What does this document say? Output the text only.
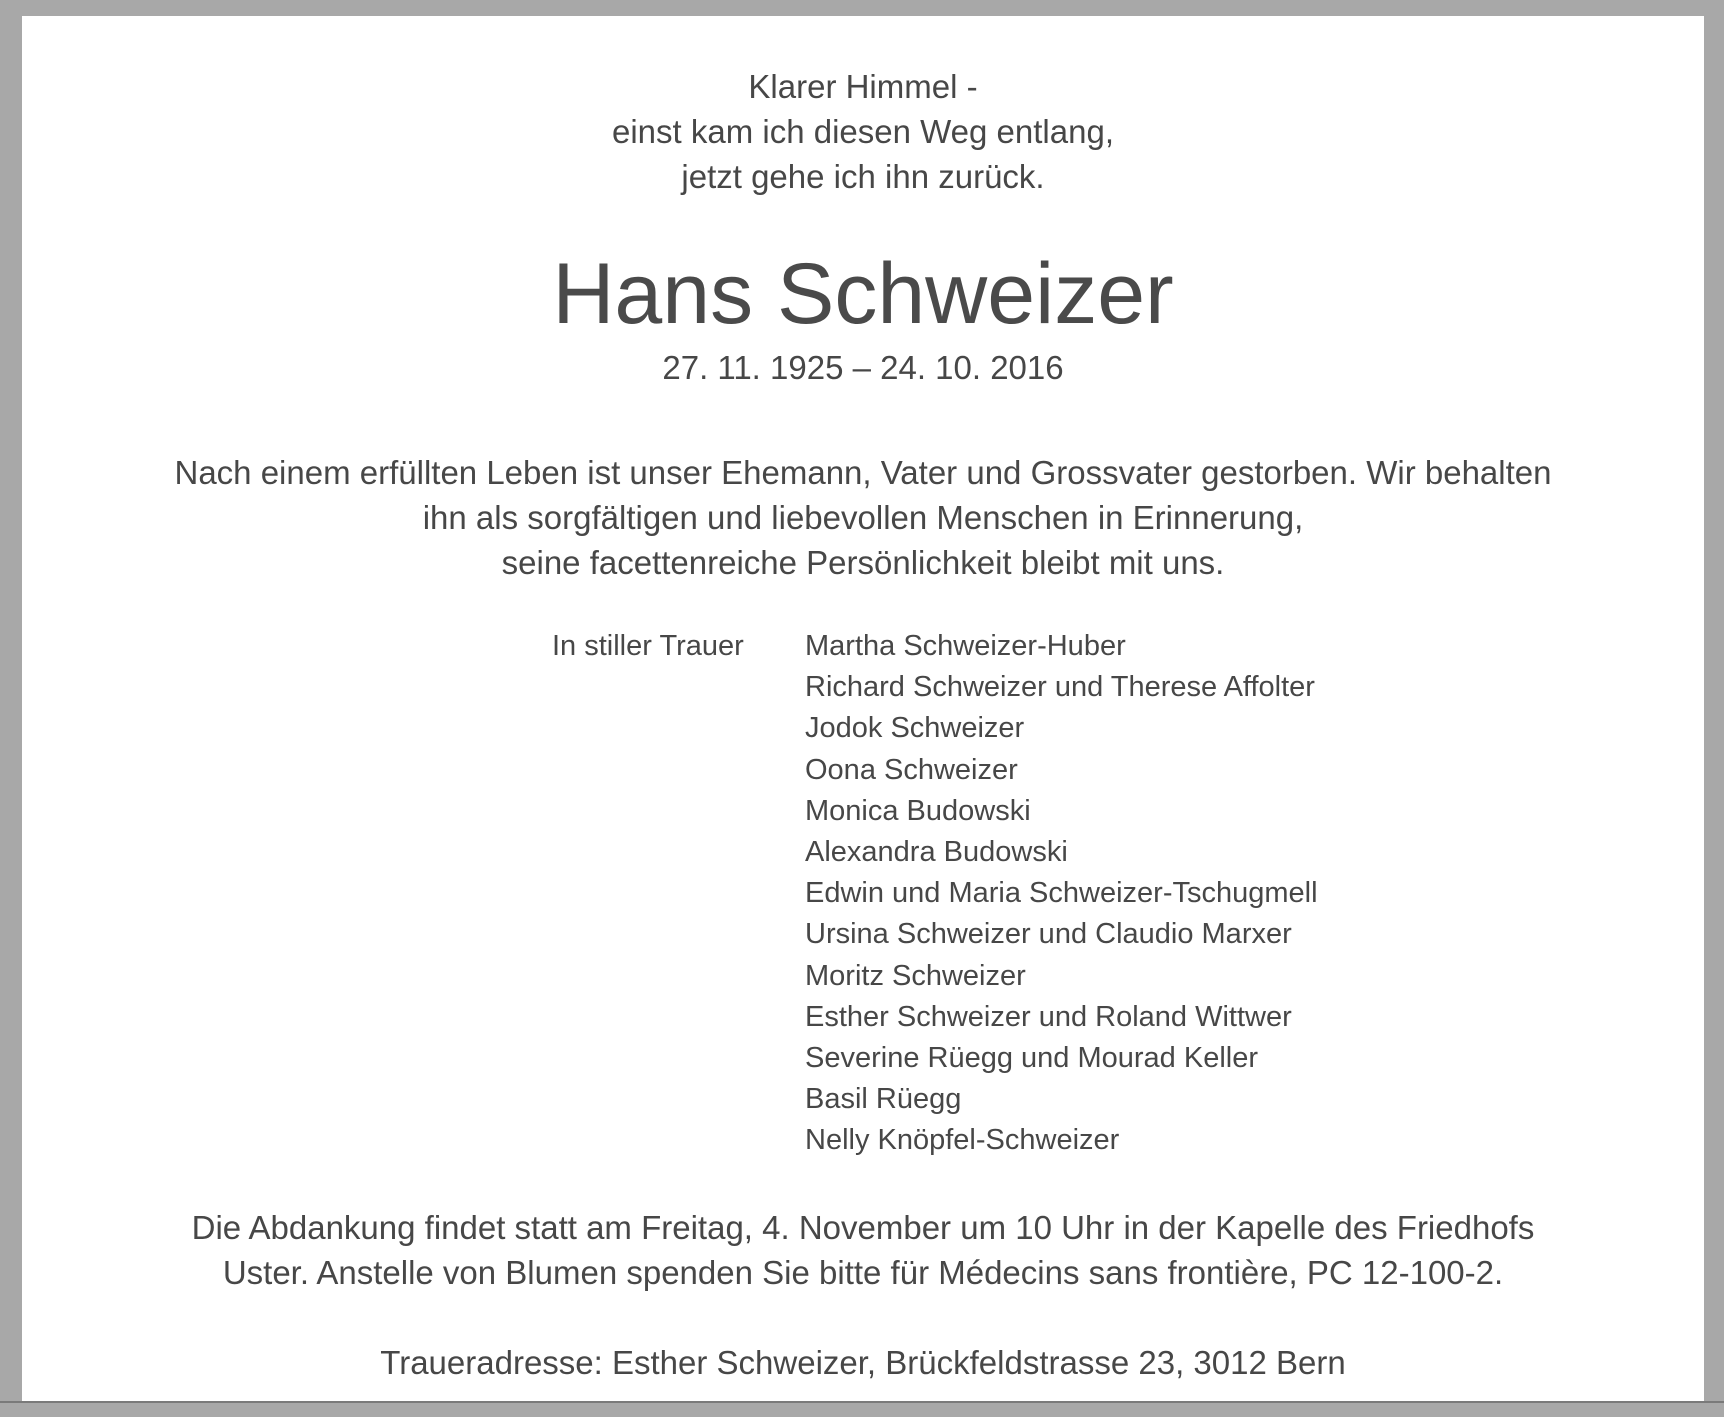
Klarer Himmel -
einst kam ich diesen Weg entlang,
jetzt gehe ich ihn zurück.
Hans Schweizer
27. 11. 1925 – 24. 10. 2016
Nach einem erfüllten Leben ist unser Ehemann, Vater und Grossvater gestorben. Wir behalten
ihn als sorgfältigen und liebevollen Menschen in Erinnerung,
seine facettenreiche Persönlichkeit bleibt mit uns.
In stiller Trauer	Martha Schweizer-Huber
Richard Schweizer und Therese Affolter
Jodok Schweizer
Oona Schweizer
Monica Budowski
Alexandra Budowski
Edwin und Maria Schweizer-Tschugmell
Ursina Schweizer und Claudio Marxer
Moritz Schweizer
Esther Schweizer und Roland Wittwer
Severine Rüegg und Mourad Keller
Basil Rüegg
Nelly Knöpfel-Schweizer
Die Abdankung findet statt am Freitag, 4. November um 10 Uhr in der Kapelle des Friedhofs
Uster. Anstelle von Blumen spenden Sie bitte für Médecins sans frontière, PC 12-100-2.
Traueradresse: Esther Schweizer, Brückfeldstrasse 23, 3012 Bern
